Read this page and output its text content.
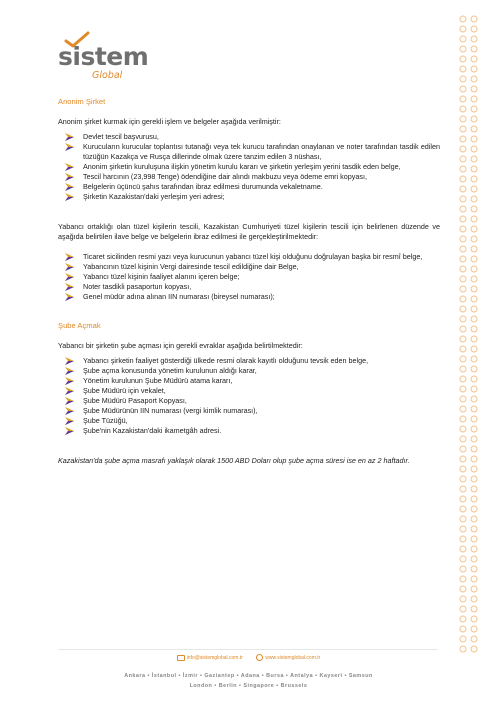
sistem
Global
Anonim Şirket

Anonim şirket kurmak için gerekli işlem ve belgeler aşağıda verilmiştir:

Devlet tescil başvurusu,
Kurucuların kurucular toplantısı tutanağı veya tek kurucu tarafından onaylanan ve noter tarafından tasdik edilen tüzüğün Kazakça ve Rusça dillerinde olmak üzere tanzim edilen 3 nüshası,
Anonim şirketin kuruluşuna ilişkin yönetim kurulu kararı ve şirketin yerleşim yerini tasdik eden belge,
Tescil harcının (23,998 Tenge) ödendiğine dair alındı makbuzu veya ödeme emri kopyası,
Belgelerin üçüncü şahıs tarafından ibraz edilmesi durumunda vekaletname.
Şirketin Kazakistan'daki yerleşim yeri adresi;

Yabancı ortaklığı olan tüzel kişilerin tescili, Kazakistan Cumhuriyeti tüzel kişilerin tescili için belirlenen düzende ve aşağıda belirtilen ilave belge ve belgelerin ibraz edilmesi ile gerçekleştirilmektedir:

Ticaret sicilinden resmi yazı veya kurucunun yabancı tüzel kişi olduğunu doğrulayan başka bir resmî belge,
Yabancının tüzel kişinin Vergi dairesinde tescil edildiğine dair Belge,
Yabancı tüzel kişinin faaliyet alanını içeren belge;
Noter tasdikli pasaportun kopyası,
Genel müdür adına alınan IIN numarası (bireysel numarası);
Şube Açmak

Yabancı bir şirketin şube açması için gerekli evraklar aşağıda belirtilmektedir:

Yabancı şirketin faaliyet gösterdiği ülkede resmi olarak kayıtlı olduğunu tevsik eden belge,
Şube açma konusunda yönetim kurulunun aldığı karar,
Yönetim kurulunun Şube Müdürü atama kararı,
Şube Müdürü için vekalet,
Şube Müdürü Pasaport Kopyası,
Şube Müdürünün IIN numarası (vergi kimlik numarası),
Şube Tüzüğü,
Şube'nin Kazakistan'daki ikametgâh adresi.

Kazakistan'da şube açma masrafı yaklaşık olarak 1500 ABD Doları olup şube açma süresi ise en az 2 haftadır.

info@sistemglobal.com.tr	www.sistemglobal.com.tr
Ankara • İstanbul • İzmir • Gaziantep • Adana • Bursa • Antalya • Kayseri • Samsun
London • Berlin • Singapore • Brussels
